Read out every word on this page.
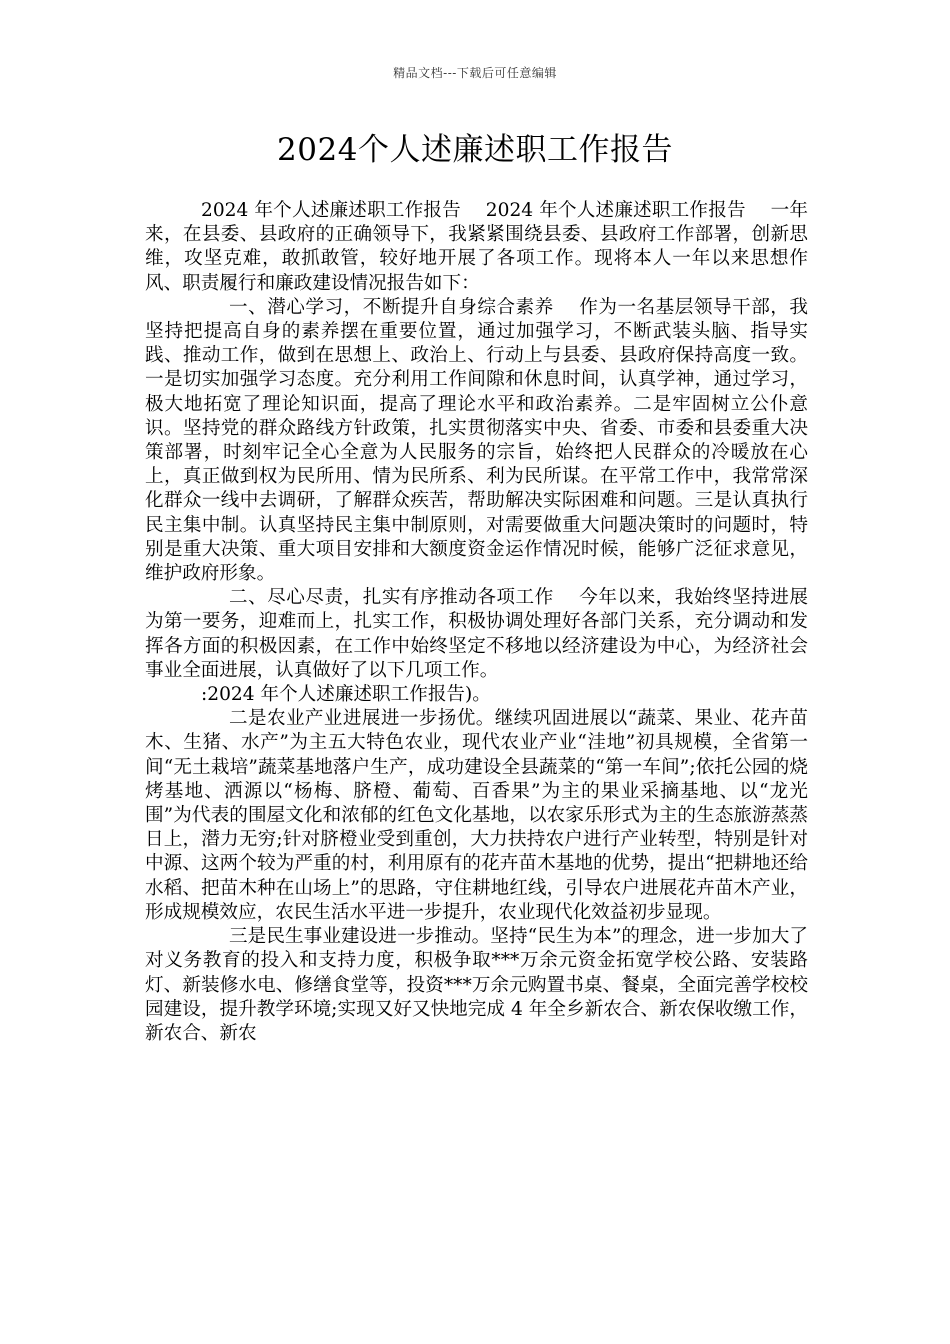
精品文档---下载后可任意编辑
2024个人述廉述职工作报告

2024 年个人述廉述职工作报告　 2024 年个人述廉述职工作报告　 一年来，在县委、县政府的正确领导下，我紧紧围绕县委、县政府工作部署，创新思维，攻坚克难，敢抓敢管，较好地开展了各项工作。现将本人一年以来思想作风、职责履行和廉政建设情况报告如下：

一、潜心学习，不断提升自身综合素养　 作为一名基层领导干部，我坚持把提高自身的素养摆在重要位置，通过加强学习，不断武装头脑、指导实践、推动工作，做到在思想上、政治上、行动上与县委、县政府保持高度一致。一是切实加强学习态度。充分利用工作间隙和休息时间，认真学神，通过学习，极大地拓宽了理论知识面，提高了理论水平和政治素养。二是牢固树立公仆意识。坚持党的群众路线方针政策，扎实贯彻落实中央、省委、市委和县委重大决策部署，时刻牢记全心全意为人民服务的宗旨，始终把人民群众的冷暖放在心上，真正做到权为民所用、情为民所系、利为民所谋。在平常工作中，我常常深化群众一线中去调研，了解群众疾苦，帮助解决实际困难和问题。三是认真执行民主集中制。认真坚持民主集中制原则，对需要做重大问题决策时的问题时，特别是重大决策、重大项目安排和大额度资金运作情况时候，能够广泛征求意见，维护政府形象。

二、尽心尽责，扎实有序推动各项工作　 今年以来，我始终坚持进展为第一要务，迎难而上，扎实工作，积极协调处理好各部门关系，充分调动和发挥各方面的积极因素，在工作中始终坚定不移地以经济建设为中心，为经济社会事业全面进展，认真做好了以下几项工作。

:2024 年个人述廉述职工作报告)。

二是农业产业进展进一步扬优。继续巩固进展以“蔬菜、果业、花卉苗木、生猪、水产”为主五大特色农业，现代农业产业“洼地”初具规模，全省第一间“无土栽培”蔬菜基地落户生产，成功建设全县蔬菜的“第一车间”;依托公园的烧烤基地、洒源以“杨梅、脐橙、葡萄、百香果”为主的果业采摘基地、以“龙光围”为代表的围屋文化和浓郁的红色文化基地，以农家乐形式为主的生态旅游蒸蒸日上，潜力无穷;针对脐橙业受到重创，大力扶持农户进行产业转型，特别是针对中源、这两个较为严重的村，利用原有的花卉苗木基地的优势，提出“把耕地还给水稻、把苗木种在山场上”的思路，守住耕地红线，引导农户进展花卉苗木产业，形成规模效应，农民生活水平进一步提升，农业现代化效益初步显现。

三是民生事业建设进一步推动。坚持“民生为本”的理念，进一步加大了对义务教育的投入和支持力度，积极争取***万余元资金拓宽学校公路、安装路灯、新装修水电、修缮食堂等，投资***万余元购置书桌、餐桌，全面完善学校校园建设，提升教学环境;实现又好又快地完成 4 年全乡新农合、新农保收缴工作，新农合、新农
